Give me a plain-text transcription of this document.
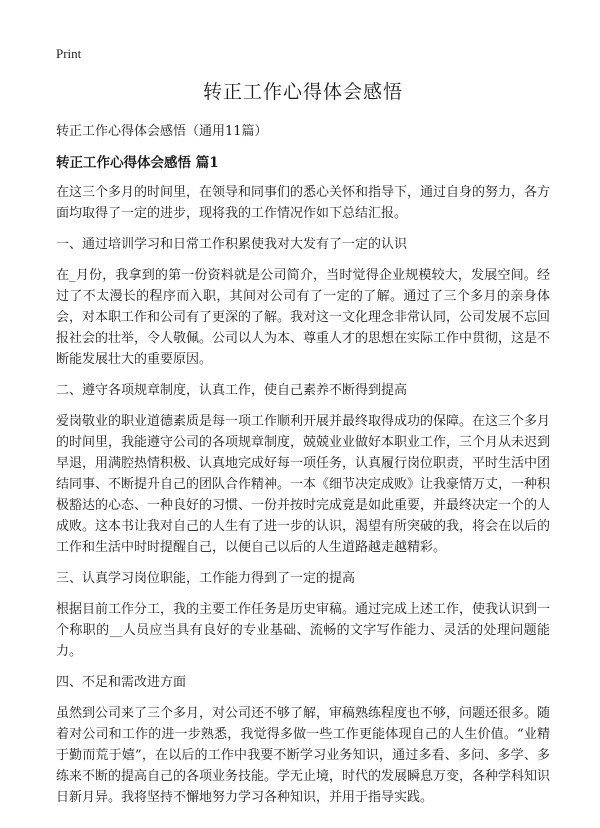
Print
转正工作心得体会感悟

转正工作心得体会感悟（通用11篇）

转正工作心得体会感悟 篇1

在这三个多月的时间里，在领导和同事们的悉心关怀和指导下，通过自身的努力，各方面均取得了一定的进步，现将我的工作情况作如下总结汇报。

一、通过培训学习和日常工作积累使我对大发有了一定的认识

在_月份，我拿到的第一份资料就是公司简介，当时觉得企业规模较大，发展空间。经过了不太漫长的程序而入职，其间对公司有了一定的了解。通过了三个多月的亲身体会，对本职工作和公司有了更深的了解。我对这一文化理念非常认同，公司发展不忘回报社会的壮举，令人敬佩。公司以人为本、尊重人才的思想在实际工作中贯彻，这是不断能发展壮大的重要原因。

二、遵守各项规章制度，认真工作，使自己素养不断得到提高

爱岗敬业的职业道德素质是每一项工作顺利开展并最终取得成功的保障。在这三个多月的时间里，我能遵守公司的各项规章制度，兢兢业业做好本职业工作，三个月从未迟到早退，用满腔热情积极、认真地完成好每一项任务，认真履行岗位职责，平时生活中团结同事、不断提升自己的团队合作精神。一本《细节决定成败》让我豪情万丈，一种积极豁达的心态、一种良好的习惯、一份并按时完成竟是如此重要，并最终决定一个的人成败。这本书让我对自己的人生有了进一步的认识，渴望有所突破的我，将会在以后的工作和生活中时时提醒自己，以便自己以后的人生道路越走越精彩。

三、认真学习岗位职能，工作能力得到了一定的提高

根据目前工作分工，我的主要工作任务是历史审稿。通过完成上述工作，使我认识到一个称职的__人员应当具有良好的专业基础、流畅的文字写作能力、灵活的处理问题能力。

四、不足和需改进方面

虽然到公司来了三个多月，对公司还不够了解，审稿熟练程度也不够，问题还很多。随着对公司和工作的进一步熟悉，我觉得多做一些工作更能体现自己的人生价值。“业精于勤而荒于嬉”，在以后的工作中我要不断学习业务知识，通过多看、多问、多学、多练来不断的提高自己的各项业务技能。学无止境，时代的发展瞬息万变，各种学科知识日新月异。我将坚持不懈地努力学习各种知识，并用于指导实践。
